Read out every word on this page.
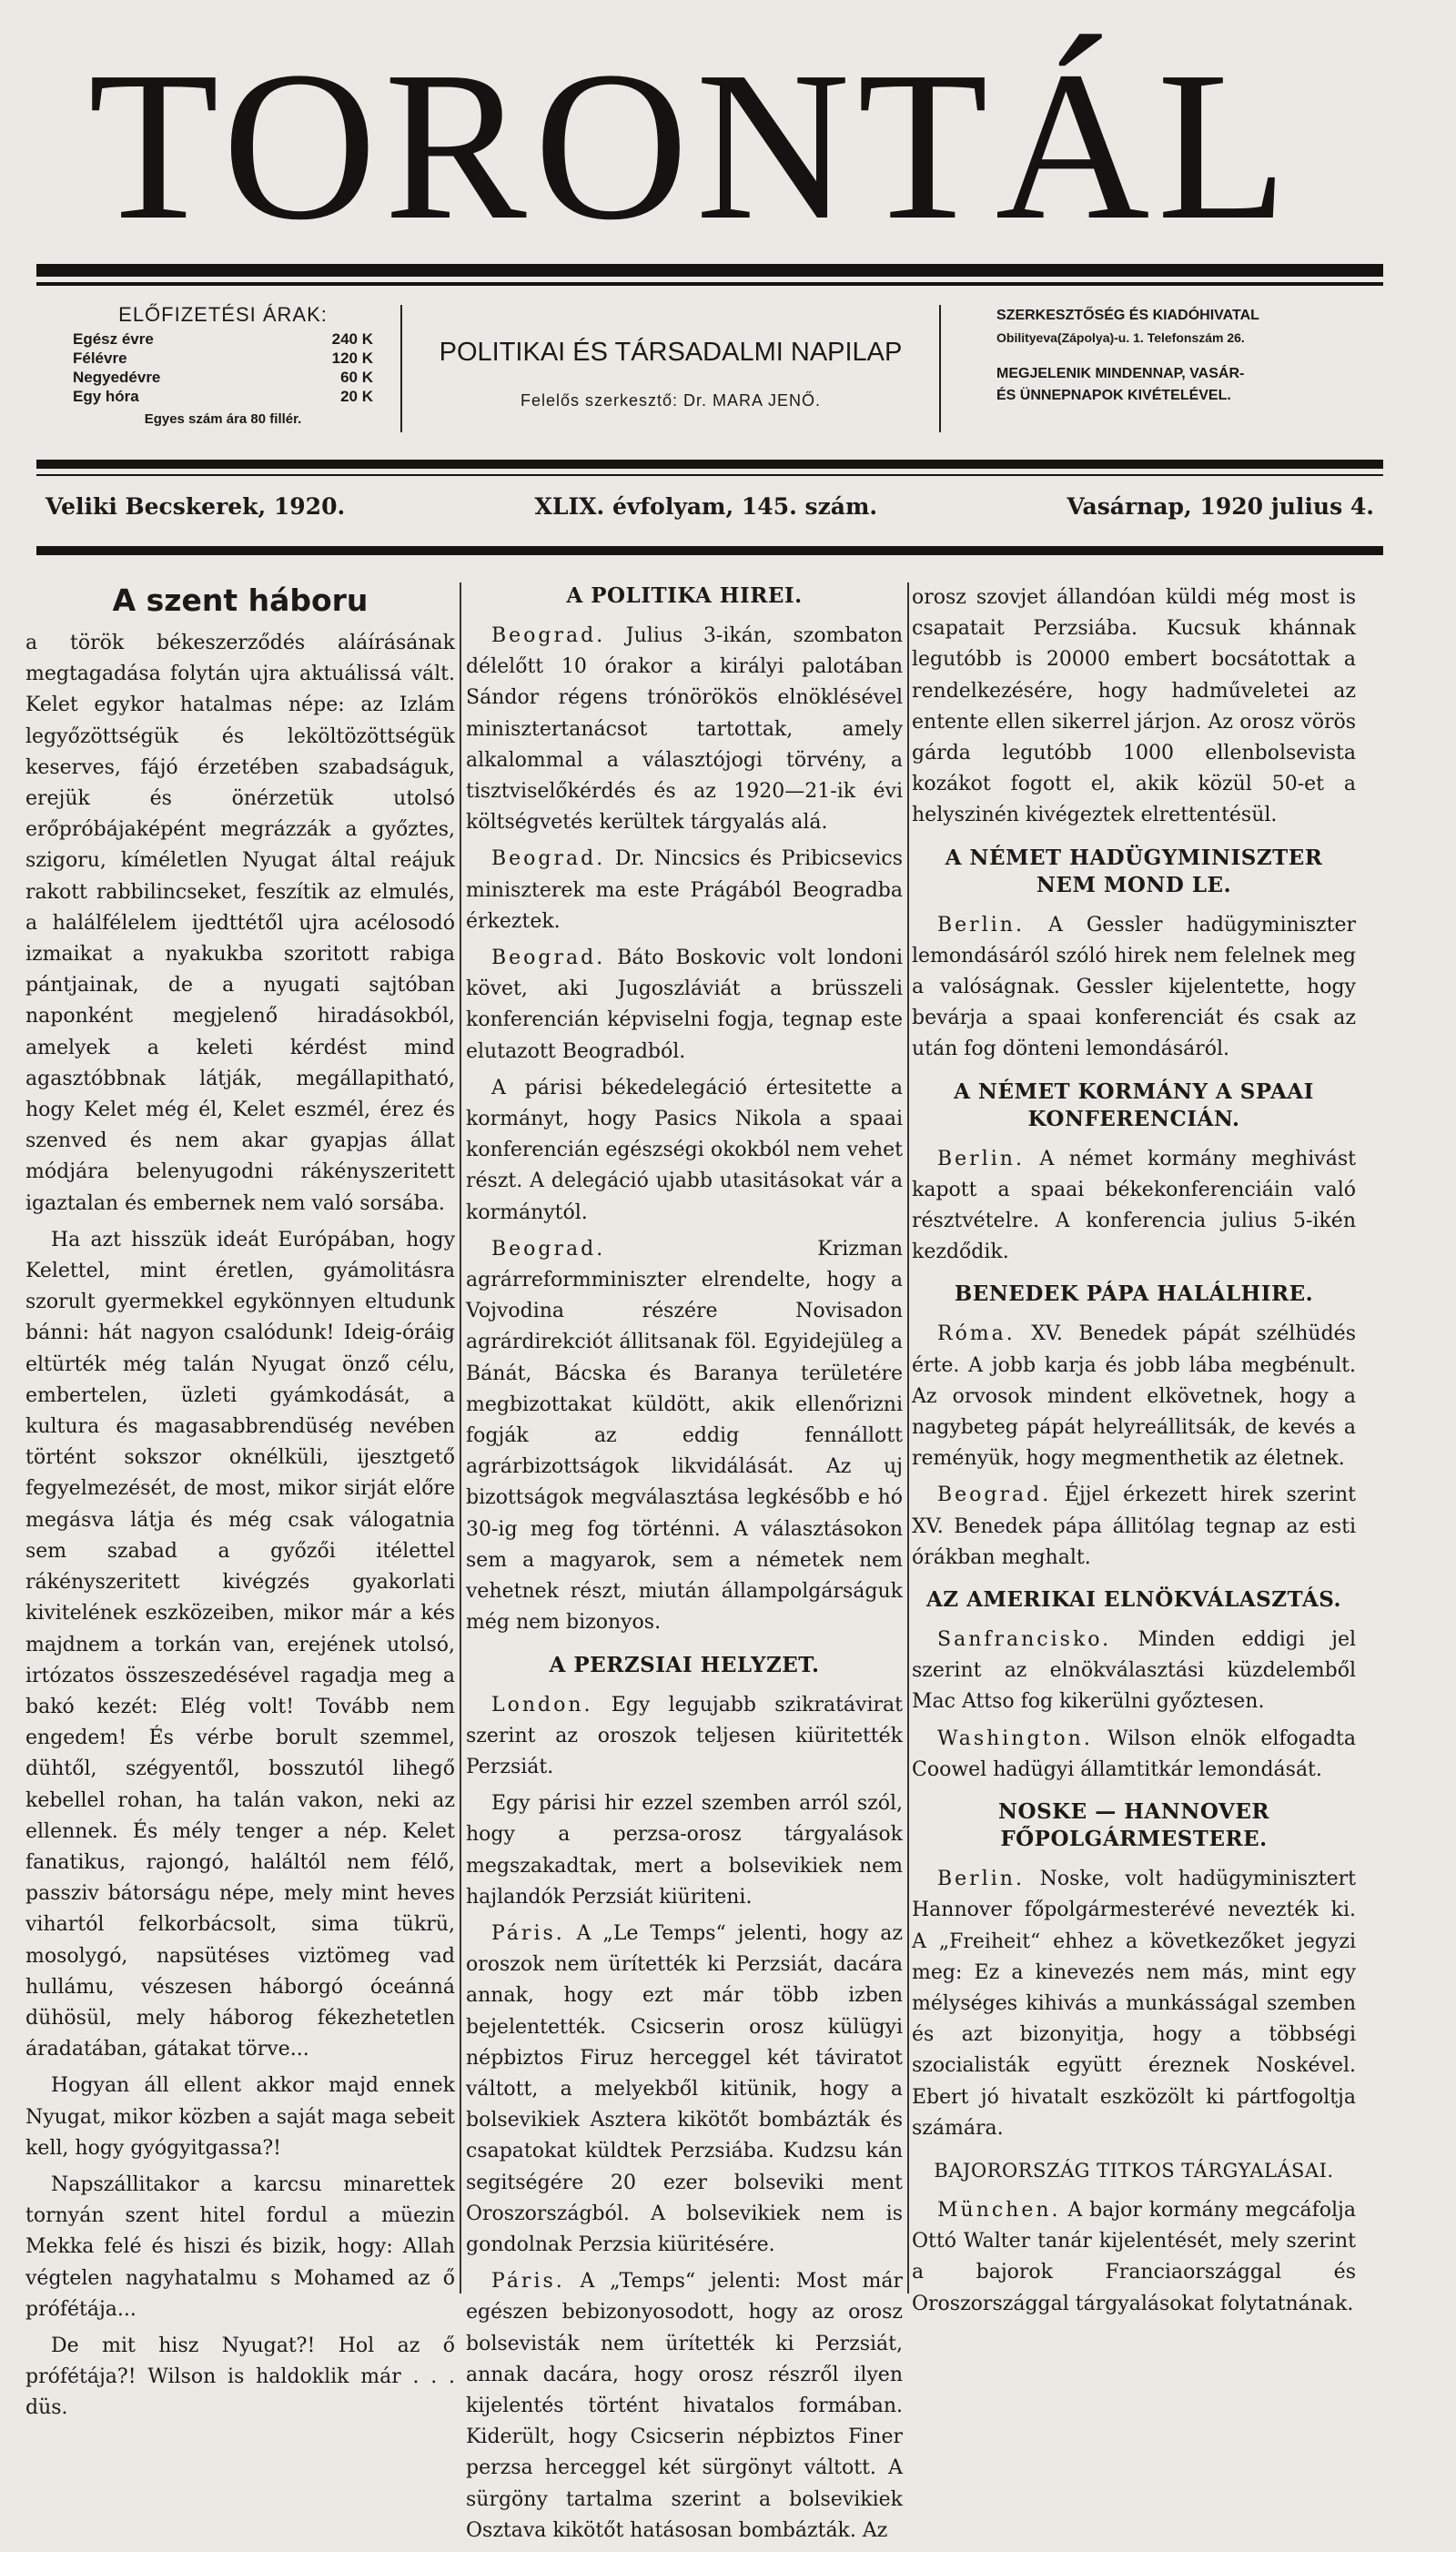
TORONTÁL
ELŐFIZETÉSI ÁRAK:
Egész évre	240 K
Félévre	120 K
Negyedévre	60 K
Egy hóra	20 K
Egyes szám ára 80 fillér.
POLITIKAI ÉS TÁRSADALMI NAPILAP
Felelős szerkesztő: Dr. MARA JENŐ.
SZERKESZTŐSÉG ÉS KIADÓHIVATAL
Obilityeva(Zápolya)-u. 1. Telefonszám 26.
MEGJELENIK MINDENNAP, VASÁR-
ÉS ÜNNEPNAPOK KIVÉTELÉVEL.
Veliki Becskerek, 1920.	XLIX. évfolyam, 145. szám.	Vasárnap, 1920 julius 4.
A szent háboru

a török békeszerződés aláírásának megtagadása folytán ujra aktuálissá vált. Kelet egykor hatalmas népe: az Izlám legyőzöttségük és leköltözöttségük keserves, fájó érzetében szabadságuk, erejük és önérzetük utolsó erőpróbájaképént megrázzák a győztes, szigoru, kíméletlen Nyugat által reájuk rakott rabbilincseket, feszítik az elmulés, a halálfélelem ijedttétől ujra acélosodó izmaikat a nyakukba szoritott rabiga pántjainak, de a nyugati sajtóban naponként megjelenő hiradásokból, amelyek a keleti kérdést mind agasztóbbnak látják, megállapitható, hogy Kelet még él, Kelet eszmél, érez és szenved és nem akar gyapjas állat módjára belenyugodni rákényszeritett igaztalan és embernek nem való sorsába.

Ha azt hisszük ideát Európában, hogy Kelettel, mint éretlen, gyámolitásra szorult gyermekkel egykönnyen eltudunk bánni: hát nagyon csalódunk! Ideig-óráig eltürték még talán Nyugat önző célu, embertelen, üzleti gyámkodását, a kultura és magasabbrendüség nevében történt sokszor oknélküli, ijesztgető fegyelmezését, de most, mikor sirját előre megásva látja és még csak válogatnia sem szabad a győzői itélettel rákényszeritett kivégzés gyakorlati kivitelének eszközeiben, mikor már a kés majdnem a torkán van, erejének utolsó, irtózatos összeszedésével ragadja meg a bakó kezét: Elég volt! Tovább nem engedem! És vérbe borult szemmel, dühtől, szégyentől, bosszutól lihegő kebellel rohan, ha talán vakon, neki az ellennek. És mély tenger a nép. Kelet fanatikus, rajongó, haláltól nem félő, passziv bátorságu népe, mely mint heves vihartól felkorbácsolt, sima tükrü, mosolygó, napsütéses viztömeg vad hullámu, vészesen háborgó óceánná dühösül, mely háborog fékezhetetlen áradatában, gátakat törve...

Hogyan áll ellent akkor majd ennek Nyugat, mikor közben a saját maga sebeit kell, hogy gyógyitgassa?!

Napszállitakor a karcsu minarettek tornyán szent hitel fordul a müezin Mekka felé és hiszi és bizik, hogy: Allah végtelen nagyhatalmu s Mohamed az ő prófétája...

De mit hisz Nyugat?! Hol az ő prófétája?! Wilson is haldoklik már . . . düs.

A POLITIKA HIREI.

Beograd. Julius 3-ikán, szombaton délelőtt 10 órakor a királyi palotában Sándor régens trónörökös elnöklésével minisztertanácsot tartottak, amely alkalommal a választójogi törvény, a tisztviselőkérdés és az 1920—21-ik évi költségvetés kerültek tárgyalás alá.

Beograd. Dr. Nincsics és Pribicsevics miniszterek ma este Prágából Beogradba érkeztek.

Beograd. Báto Boskovic volt londoni követ, aki Jugoszláviát a brüsszeli konferencián képviselni fogja, tegnap este elutazott Beogradból.

A párisi békedelegáció értesitette a kormányt, hogy Pasics Nikola a spaai konferencián egészségi okokból nem vehet részt. A delegáció ujabb utasitásokat vár a kormánytól.

Beograd. Krizman agrárreformminiszter elrendelte, hogy a Vojvodina részére Novisadon agrárdirekciót állitsanak föl. Egyidejüleg a Bánát, Bácska és Baranya területére megbizottakat küldött, akik ellenőrizni fogják az eddig fennállott agrárbizottságok likvidálását. Az uj bizottságok megválasztása legkésőbb e hó 30-ig meg fog történni. A választásokon sem a magyarok, sem a németek nem vehetnek részt, miután állampolgárságuk még nem bizonyos.

A PERZSIAI HELYZET.

London. Egy legujabb szikratávirat szerint az oroszok teljesen kiüritették Perzsiát.

Egy párisi hir ezzel szemben arról szól, hogy a perzsa-orosz tárgyalások megszakadtak, mert a bolsevikiek nem hajlandók Perzsiát kiüriteni.

Páris. A „Le Temps“ jelenti, hogy az oroszok nem ürítették ki Perzsiát, dacára annak, hogy ezt már több izben bejelentették. Csicserin orosz külügyi népbiztos Firuz herceggel két táviratot váltott, a melyekből kitünik, hogy a bolsevikiek Asztera kikötőt bombázták és csapatokat küldtek Perzsiába. Kudzsu kán segitségére 20 ezer bolseviki ment Oroszországból. A bolsevikiek nem is gondolnak Perzsia kiüritésére.

Páris. A „Temps“ jelenti: Most már egészen bebizonyosodott, hogy az orosz bolsevisták nem ürítették ki Perzsiát, annak dacára, hogy orosz részről ilyen kijelentés történt hivatalos formában. Kiderült, hogy Csicserin népbiztos Finer perzsa herceggel két sürgönyt váltott. A sürgöny tartalma szerint a bolsevikiek Osztava kikötőt hatásosan bombázták. Az

orosz szovjet állandóan küldi még most is csapatait Perzsiába. Kucsuk khánnak legutóbb is 20000 embert bocsátottak a rendelkezésére, hogy hadműveletei az entente ellen sikerrel járjon. Az orosz vörös gárda legutóbb 1000 ellenbolsevista kozákot fogott el, akik közül 50-et a helyszinén kivégeztek elrettentésül.

A NÉMET HADÜGYMINISZTER NEM MOND LE.

Berlin. A Gessler hadügyminiszter lemondásáról szóló hirek nem felelnek meg a valóságnak. Gessler kijelentette, hogy bevárja a spaai konferenciát és csak az után fog dönteni lemondásáról.

A NÉMET KORMÁNY A SPAAI KONFERENCIÁN.

Berlin. A német kormány meghivást kapott a spaai békekonferenciáin való résztvételre. A konferencia julius 5-ikén kezdődik.

BENEDEK PÁPA HALÁLHIRE.

Róma. XV. Benedek pápát szélhüdés érte. A jobb karja és jobb lába megbénult. Az orvosok mindent elkövetnek, hogy a nagybeteg pápát helyreállitsák, de kevés a reményük, hogy megmenthetik az életnek.

Beograd. Éjjel érkezett hirek szerint XV. Benedek pápa állitólag tegnap az esti órákban meghalt.

AZ AMERIKAI ELNÖKVÁLASZTÁS.

Sanfrancisko. Minden eddigi jel szerint az elnökválasztási küzdelemből Mac Attso fog kikerülni győztesen.

Washington. Wilson elnök elfogadta Coowel hadügyi államtitkár lemondását.

NOSKE — HANNOVER FŐPOLGÁRMESTERE.

Berlin. Noske, volt hadügyminisztert Hannover főpolgármesterévé nevezték ki. A „Freiheit“ ehhez a következőket jegyzi meg: Ez a kinevezés nem más, mint egy mélységes kihivás a munkásságal szemben és azt bizonyitja, hogy a többségi szocialisták együtt éreznek Noskével. Ebert jó hivatalt eszközölt ki pártfogoltja számára.

BAJORORSZÁG TITKOS TÁRGYALÁSAI.

München. A bajor kormány megcáfolja Ottó Walter tanár kijelentését, mely szerint a bajorok Franciaországgal és Oroszországgal tárgyalásokat folytatnának.
